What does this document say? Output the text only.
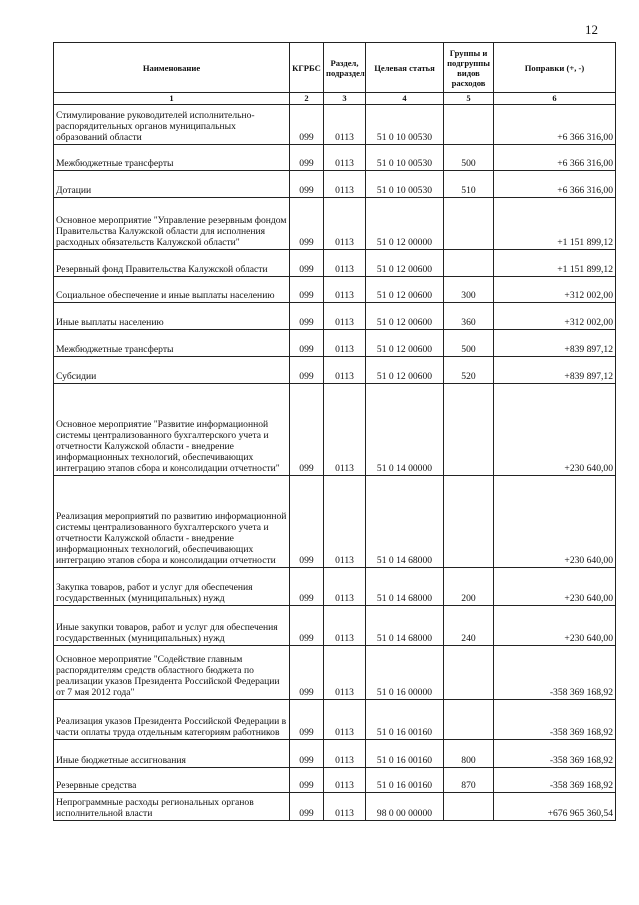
12
Наименование	КГРБС	Раздел, подраздел	Целевая статья	Группы и подгруппы видов расходов	Поправки (+, -)
1	2	3	4	5	6
Стимулирование руководителей исполнительно-распорядительных органов муниципальных образований области	099	0113	51 0 10 00530		+6 366 316,00
Межбюджетные трансферты	099	0113	51 0 10 00530	500	+6 366 316,00
Дотации	099	0113	51 0 10 00530	510	+6 366 316,00
Основное мероприятие "Управление резервным фондом Правительства Калужской области для исполнения расходных обязательств Калужской области"	099	0113	51 0 12 00000		+1 151 899,12
Резервный фонд Правительства Калужской области	099	0113	51 0 12 00600		+1 151 899,12
Социальное обеспечение и иные выплаты населению	099	0113	51 0 12 00600	300	+312 002,00
Иные выплаты населению	099	0113	51 0 12 00600	360	+312 002,00
Межбюджетные трансферты	099	0113	51 0 12 00600	500	+839 897,12
Субсидии	099	0113	51 0 12 00600	520	+839 897,12
Основное мероприятие "Развитие информационной системы централизованного бухгалтерского учета и отчетности Калужской области - внедрение информационных технологий, обеспечивающих интеграцию этапов сбора и консолидации отчетности"	099	0113	51 0 14 00000		+230 640,00
Реализация мероприятий по развитию информационной системы централизованного бухгалтерского учета и отчетности Калужской области - внедрение информационных технологий, обеспечивающих интеграцию этапов сбора и консолидации отчетности	099	0113	51 0 14 68000		+230 640,00
Закупка товаров, работ и услуг для обеспечения государственных (муниципальных) нужд	099	0113	51 0 14 68000	200	+230 640,00
Иные закупки товаров, работ и услуг для обеспечения государственных (муниципальных) нужд	099	0113	51 0 14 68000	240	+230 640,00
Основное мероприятие "Содействие главным распорядителям средств областного бюджета по реализации указов Президента Российской Федерации от 7 мая 2012 года"	099	0113	51 0 16 00000		-358 369 168,92
Реализация указов Президента Российской Федерации в части оплаты труда отдельным категориям работников	099	0113	51 0 16 00160		-358 369 168,92
Иные бюджетные ассигнования	099	0113	51 0 16 00160	800	-358 369 168,92
Резервные средства	099	0113	51 0 16 00160	870	-358 369 168,92
Непрограммные расходы региональных органов исполнительной власти	099	0113	98 0 00 00000		+676 965 360,54
